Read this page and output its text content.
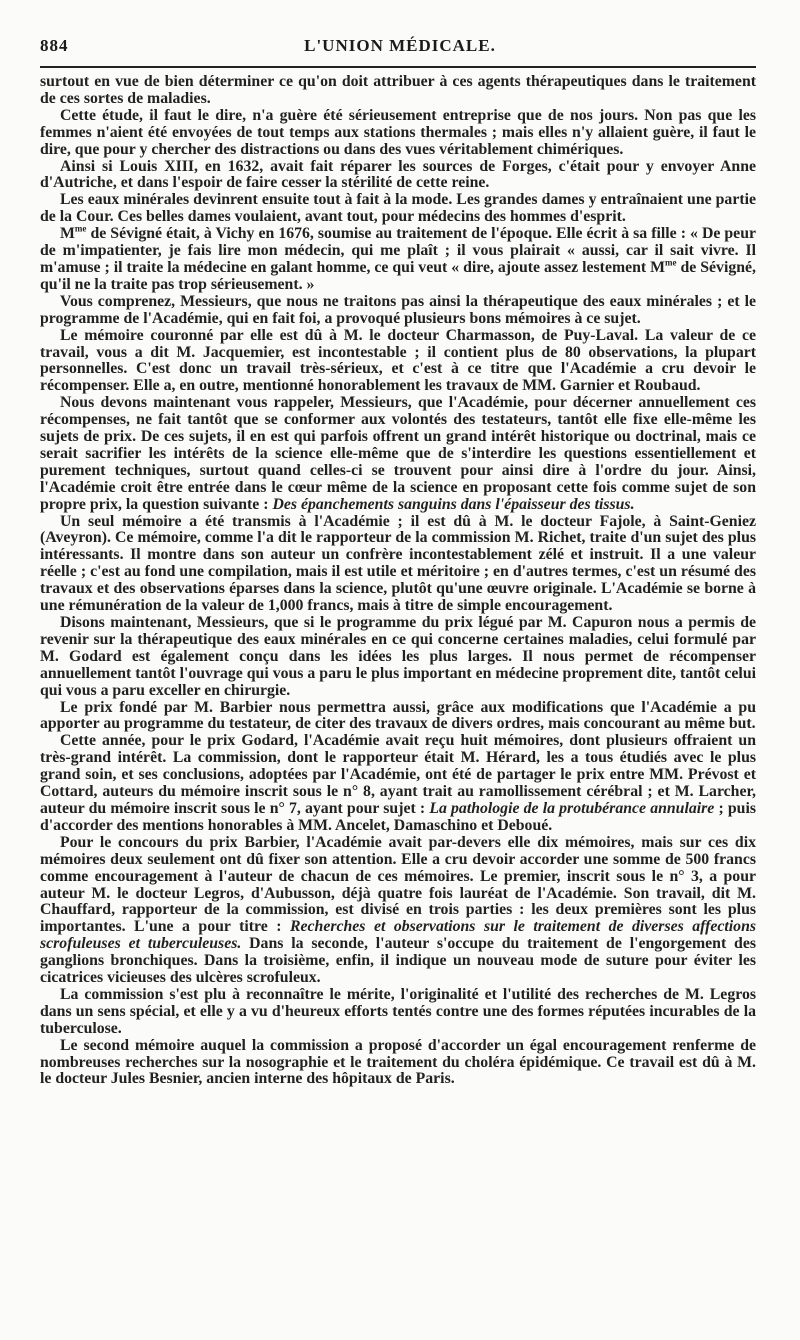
884	L'UNION MÉDICALE.

surtout en vue de bien déterminer ce qu'on doit attribuer à ces agents thérapeutiques dans le traitement de ces sortes de maladies.

Cette étude, il faut le dire, n'a guère été sérieusement entreprise que de nos jours. Non pas que les femmes n'aient été envoyées de tout temps aux stations thermales ; mais elles n'y allaient guère, il faut le dire, que pour y chercher des distractions ou dans des vues véritablement chimériques.

Ainsi si Louis XIII, en 1632, avait fait réparer les sources de Forges, c'était pour y envoyer Anne d'Autriche, et dans l'espoir de faire cesser la stérilité de cette reine.

Les eaux minérales devinrent ensuite tout à fait à la mode. Les grandes dames y entraînaient une partie de la Cour. Ces belles dames voulaient, avant tout, pour médecins des hommes d'esprit.

$M^{me}$ de Sévigné était, à Vichy en 1676, soumise au traitement de l'époque. Elle écrit à sa fille : « De peur de m'impatienter, je fais lire mon médecin, qui me plaît ; il vous plairait « aussi, car il sait vivre. Il m'amuse ; il traite la médecine en galant homme, ce qui veut « dire, ajoute assez lestement $M^{me}$ de Sévigné, qu'il ne la traite pas trop sérieusement. »

Vous comprenez, Messieurs, que nous ne traitons pas ainsi la thérapeutique des eaux minérales ; et le programme de l'Académie, qui en fait foi, a provoqué plusieurs bons mémoires à ce sujet.

Le mémoire couronné par elle est dû à M. le docteur Charmasson, de Puy-Laval. La valeur de ce travail, vous a dit M. Jacquemier, est incontestable ; il contient plus de 80 observations, la plupart personnelles. C'est donc un travail très-sérieux, et c'est à ce titre que l'Académie a cru devoir le récompenser. Elle a, en outre, mentionné honorablement les travaux de MM. Garnier et Roubaud.

Nous devons maintenant vous rappeler, Messieurs, que l'Académie, pour décerner annuellement ces récompenses, ne fait tantôt que se conformer aux volontés des testateurs, tantôt elle fixe elle-même les sujets de prix. De ces sujets, il en est qui parfois offrent un grand intérêt historique ou doctrinal, mais ce serait sacrifier les intérêts de la science elle-même que de s'interdire les questions essentiellement et purement techniques, surtout quand celles-ci se trouvent pour ainsi dire à l'ordre du jour. Ainsi, l'Académie croit être entrée dans le cœur même de la science en proposant cette fois comme sujet de son propre prix, la question suivante : Des épanchements sanguins dans l'épaisseur des tissus.

Un seul mémoire a été transmis à l'Académie ; il est dû à M. le docteur Fajole, à Saint-Geniez (Aveyron). Ce mémoire, comme l'a dit le rapporteur de la commission M. Richet, traite d'un sujet des plus intéressants. Il montre dans son auteur un confrère incontestablement zélé et instruit. Il a une valeur réelle ; c'est au fond une compilation, mais il est utile et méritoire ; en d'autres termes, c'est un résumé des travaux et des observations éparses dans la science, plutôt qu'une œuvre originale. L'Académie se borne à une rémunération de la valeur de 1,000 francs, mais à titre de simple encouragement.

Disons maintenant, Messieurs, que si le programme du prix légué par M. Capuron nous a permis de revenir sur la thérapeutique des eaux minérales en ce qui concerne certaines maladies, celui formulé par M. Godard est également conçu dans les idées les plus larges. Il nous permet de récompenser annuellement tantôt l'ouvrage qui vous a paru le plus important en médecine proprement dite, tantôt celui qui vous a paru exceller en chirurgie.

Le prix fondé par M. Barbier nous permettra aussi, grâce aux modifications que l'Académie a pu apporter au programme du testateur, de citer des travaux de divers ordres, mais concourant au même but.

Cette année, pour le prix Godard, l'Académie avait reçu huit mémoires, dont plusieurs offraient un très-grand intérêt. La commission, dont le rapporteur était M. Hérard, les a tous étudiés avec le plus grand soin, et ses conclusions, adoptées par l'Académie, ont été de partager le prix entre MM. Prévost et Cottard, auteurs du mémoire inscrit sous le n° 8, ayant trait au ramollissement cérébral ; et M. Larcher, auteur du mémoire inscrit sous le n° 7, ayant pour sujet : La pathologie de la protubérance annulaire ; puis d'accorder des mentions honorables à MM. Ancelet, Damaschino et Deboué.

Pour le concours du prix Barbier, l'Académie avait par-devers elle dix mémoires, mais sur ces dix mémoires deux seulement ont dû fixer son attention. Elle a cru devoir accorder une somme de 500 francs comme encouragement à l'auteur de chacun de ces mémoires. Le premier, inscrit sous le n° 3, a pour auteur M. le docteur Legros, d'Aubusson, déjà quatre fois lauréat de l'Académie. Son travail, dit M. Chauffard, rapporteur de la commission, est divisé en trois parties : les deux premières sont les plus importantes. L'une a pour titre : Recherches et observations sur le traitement de diverses affections scrofuleuses et tuberculeuses. Dans la seconde, l'auteur s'occupe du traitement de l'engorgement des ganglions bronchiques. Dans la troisième, enfin, il indique un nouveau mode de suture pour éviter les cicatrices vicieuses des ulcères scrofuleux.

La commission s'est plu à reconnaître le mérite, l'originalité et l'utilité des recherches de M. Legros dans un sens spécial, et elle y a vu d'heureux efforts tentés contre une des formes réputées incurables de la tuberculose.

Le second mémoire auquel la commission a proposé d'accorder un égal encouragement renferme de nombreuses recherches sur la nosographie et le traitement du choléra épidémique. Ce travail est dû à M. le docteur Jules Besnier, ancien interne des hôpitaux de Paris.
